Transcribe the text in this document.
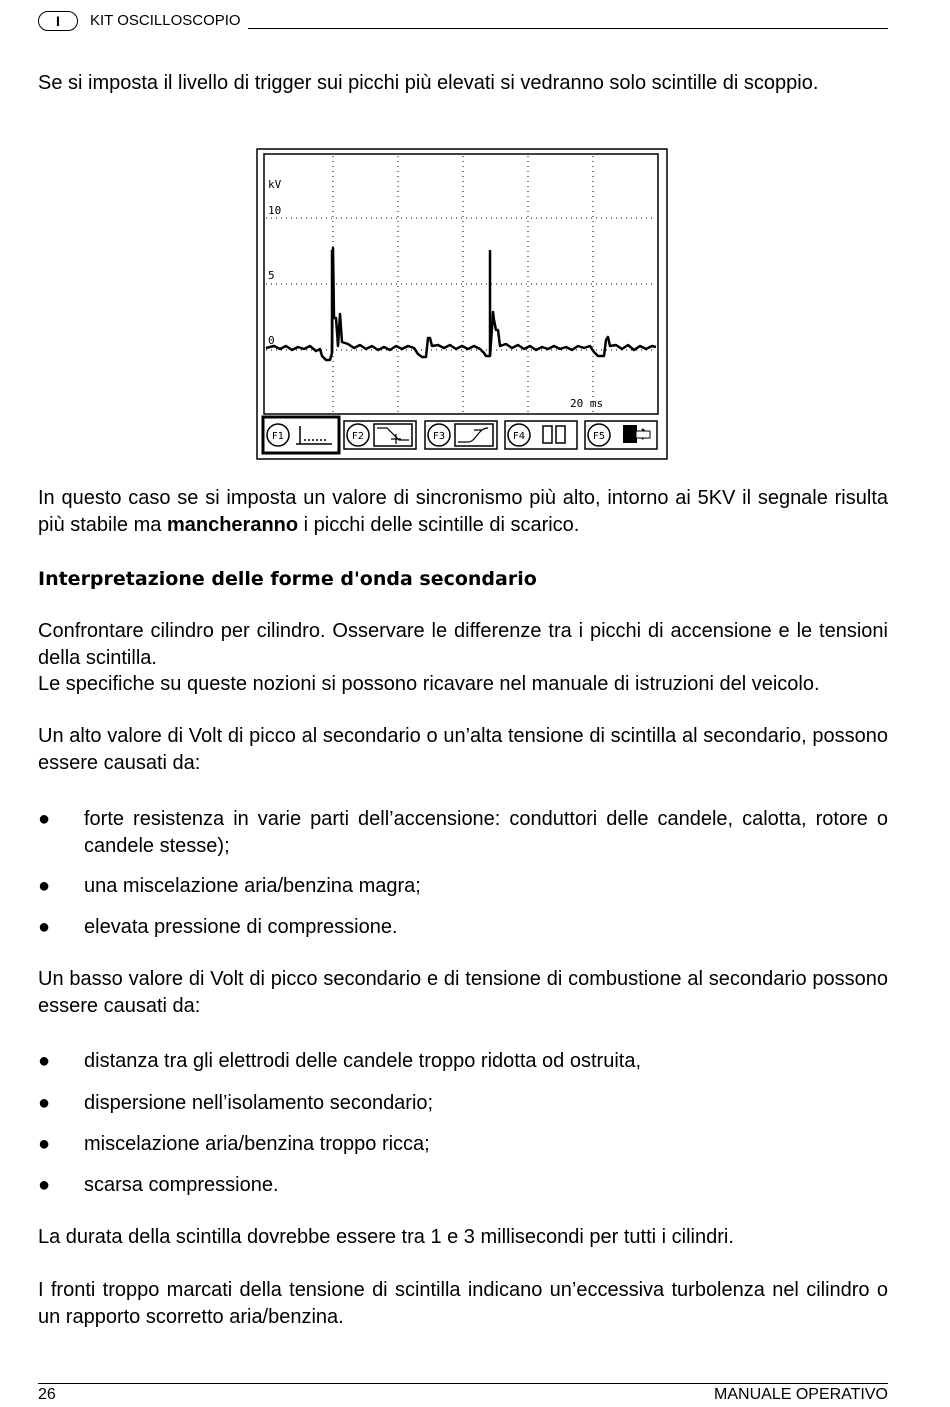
I	KIT OSCILLOSCOPIO

Se si imposta il livello di trigger sui picchi più elevati si vedranno solo scintille di scoppio.

kV
10
5
0
20 ms
F1	F2	F3	F4	F5

In questo caso se si imposta un valore di sincronismo più alto, intorno ai 5KV il segnale risulta più stabile ma mancheranno i picchi delle scintille di scarico.

Interpretazione delle forme d'onda secondario

Confrontare cilindro per cilindro. Osservare le differenze tra i picchi di accensione e le tensioni della scintilla.

Le specifiche su queste nozioni si possono ricavare nel manuale di istruzioni del veicolo.

Un alto valore di Volt di picco al secondario o un’alta tensione di scintilla al secondario, possono essere causati da:

● forte resistenza in varie parti dell’accensione: conduttori delle candele, calotta, rotore o candele stesse);
● una miscelazione aria/benzina magra;
● elevata pressione di compressione.

Un basso valore di Volt di picco secondario e di tensione di combustione al secondario possono essere causati da:

● distanza tra gli elettrodi delle candele troppo ridotta od ostruita,
● dispersione nell’isolamento secondario;
● miscelazione aria/benzina troppo ricca;
● scarsa compressione.

La durata della scintilla dovrebbe essere tra 1 e 3 millisecondi per tutti i cilindri.

I fronti troppo marcati della tensione di scintilla indicano un’eccessiva turbolenza nel cilindro o un rapporto scorretto aria/benzina.

26	MANUALE OPERATIVO
